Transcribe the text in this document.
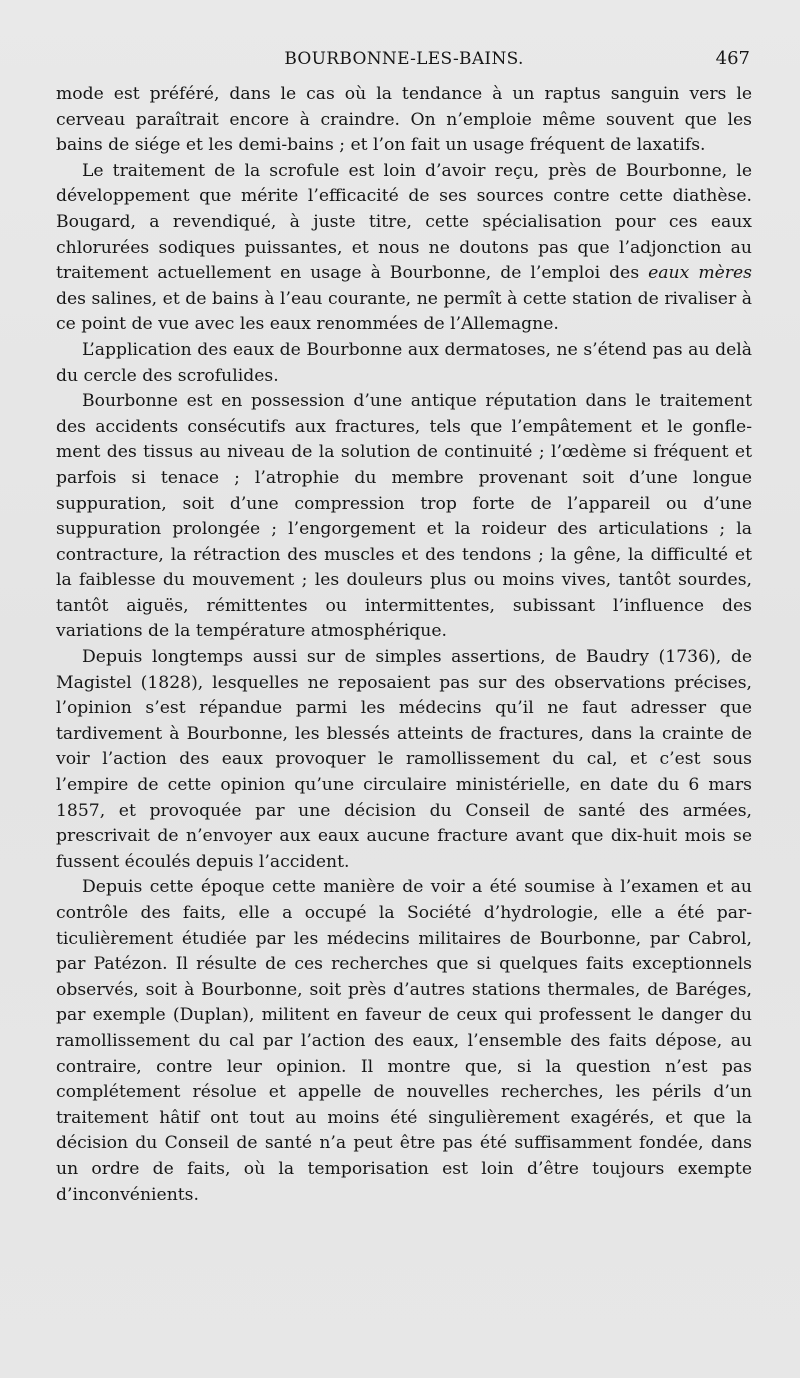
BOURBONNE-LES-BAINS.	467

mode est préféré, dans le cas où la tendance à un raptus sanguin vers le cerveau paraîtrait encore à craindre. On n’emploie même souvent que les bains de siége et les demi-bains ; et l’on fait un usage fréquent de laxatifs.

Le traitement de la scrofule est loin d’avoir reçu, près de Bourbonne, le développement que mérite l’efficacité de ses sources contre cette diathèse. Bougard, a revendiqué, à juste titre, cette spécialisation pour ces eaux chlorurées sodiques puissantes, et nous ne doutons pas que l’adjonction au traitement actuellement en usage à Bourbonne, de l’emploi des eaux mères des salines, et de bains à l’eau courante, ne permît à cette station de rivaliser à ce point de vue avec les eaux renommées de l’Allemagne.

L’application des eaux de Bourbonne aux dermatoses, ne s’étend pas au delà du cercle des scrofulides.

Bourbonne est en possession d’une antique réputation dans le traitement des accidents consécutifs aux fractures, tels que l’empâtement et le gonflement des tissus au niveau de la solution de continuité ; l’œdème si fréquent et parfois si tenace ; l’atrophie du membre provenant soit d’une longue suppuration, soit d’une compression trop forte de l’appareil ou d’une suppuration prolongée ; l’engorgement et la roideur des articulations ; la contracture, la rétraction des muscles et des tendons ; la gêne, la difficulté et la faiblesse du mouvement ; les douleurs plus ou moins vives, tantôt sourdes, tantôt aiguës, rémittentes ou intermittentes, subissant l’influence des variations de la température atmosphérique.

Depuis longtemps aussi sur de simples assertions, de Baudry (1736), de Magistel (1828), lesquelles ne reposaient pas sur des observations précises, l’opinion s’est répandue parmi les médecins qu’il ne faut adresser que tardivement à Bourbonne, les blessés atteints de fractures, dans la crainte de voir l’action des eaux provoquer le ramollissement du cal, et c’est sous l’empire de cette opinion qu’une circulaire ministérielle, en date du 6 mars 1857, et provoquée par une décision du Conseil de santé des armées, prescrivait de n’envoyer aux eaux aucune fracture avant que dix-huit mois se fussent écoulés depuis l’accident.

Depuis cette époque cette manière de voir a été soumise à l’examen et au contrôle des faits, elle a occupé la Société d’hydrologie, elle a été particulièrement étudiée par les médecins militaires de Bourbonne, par Cabrol, par Patézon. Il résulte de ces recherches que si quelques faits exceptionnels observés, soit à Bourbonne, soit près d’autres stations thermales, de Baréges, par exemple (Duplan), militent en faveur de ceux qui professent le danger du ramollissement du cal par l’action des eaux, l’ensemble des faits dépose, au contraire, contre leur opinion. Il montre que, si la question n’est pas complétement résolue et appelle de nouvelles recherches, les périls d’un traitement hâtif ont tout au moins été singulièrement exagérés, et que la décision du Conseil de santé n’a peut être pas été suffisamment fondée, dans un ordre de faits, où la temporisation est loin d’être toujours exempte d’inconvénients.
